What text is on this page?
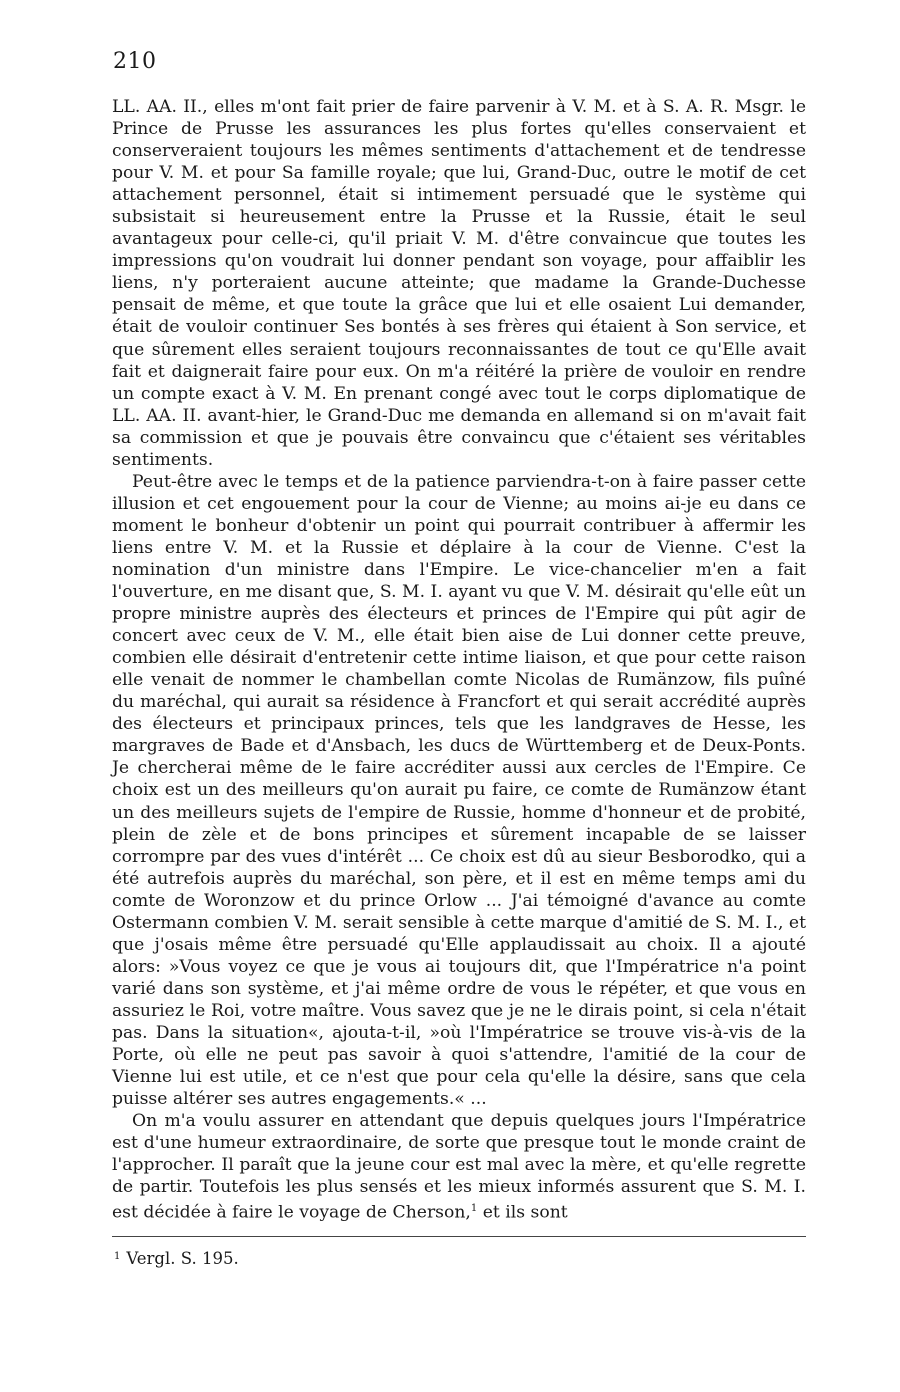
210

LL. AA. II., elles m'ont fait prier de faire parvenir à V. M. et à S. A. R. Msgr. le Prince de Prusse les assurances les plus fortes qu'elles conservaient et conserveraient toujours les mêmes sentiments d'attachement et de tendresse pour V. M. et pour Sa famille royale; que lui, Grand-Duc, outre le motif de cet attachement personnel, était si intimement persuadé que le système qui subsistait si heureusement entre la Prusse et la Russie, était le seul avantageux pour celle-ci, qu'il priait V. M. d'être convaincue que toutes les impressions qu'on voudrait lui donner pendant son voyage, pour affaiblir les liens, n'y porteraient aucune atteinte; que madame la Grande-Duchesse pensait de même, et que toute la grâce que lui et elle osaient Lui demander, était de vouloir continuer Ses bontés à ses frères qui étaient à Son service, et que sûrement elles seraient toujours reconnaissantes de tout ce qu'Elle avait fait et daignerait faire pour eux. On m'a réitéré la prière de vouloir en rendre un compte exact à V. M. En prenant congé avec tout le corps diplomatique de LL. AA. II. avant-hier, le Grand-Duc me demanda en allemand si on m'avait fait sa commission et que je pouvais être convaincu que c'étaient ses véritables sentiments.

Peut-être avec le temps et de la patience parviendra-t-on à faire passer cette illusion et cet engouement pour la cour de Vienne; au moins ai-je eu dans ce moment le bonheur d'obtenir un point qui pourrait contribuer à affermir les liens entre V. M. et la Russie et déplaire à la cour de Vienne. C'est la nomination d'un ministre dans l'Empire. Le vice-chancelier m'en a fait l'ouverture, en me disant que, S. M. I. ayant vu que V. M. désirait qu'elle eût un propre ministre auprès des électeurs et princes de l'Empire qui pût agir de concert avec ceux de V. M., elle était bien aise de Lui donner cette preuve, combien elle désirait d'entretenir cette intime liaison, et que pour cette raison elle venait de nommer le chambellan comte Nicolas de Rumänzow, fils puîné du maréchal, qui aurait sa résidence à Francfort et qui serait accrédité auprès des électeurs et principaux princes, tels que les landgraves de Hesse, les margraves de Bade et d'Ansbach, les ducs de Württemberg et de Deux-Ponts. Je chercherai même de le faire accréditer aussi aux cercles de l'Empire. Ce choix est un des meilleurs qu'on aurait pu faire, ce comte de Rumänzow étant un des meilleurs sujets de l'empire de Russie, homme d'honneur et de probité, plein de zèle et de bons principes et sûrement incapable de se laisser corrompre par des vues d'intérêt ... Ce choix est dû au sieur Besborodko, qui a été autrefois auprès du maréchal, son père, et il est en même temps ami du comte de Woronzow et du prince Orlow ... J'ai témoigné d'avance au comte Ostermann combien V. M. serait sensible à cette marque d'amitié de S. M. I., et que j'osais même être persuadé qu'Elle applaudissait au choix. Il a ajouté alors: »Vous voyez ce que je vous ai toujours dit, que l'Impératrice n'a point varié dans son système, et j'ai même ordre de vous le répéter, et que vous en assuriez le Roi, votre maître. Vous savez que je ne le dirais point, si cela n'était pas. Dans la situation«, ajouta-t-il, »où l'Impératrice se trouve vis-à-vis de la Porte, où elle ne peut pas savoir à quoi s'attendre, l'amitié de la cour de Vienne lui est utile, et ce n'est que pour cela qu'elle la désire, sans que cela puisse altérer ses autres engagements.« ...

On m'a voulu assurer en attendant que depuis quelques jours l'Impératrice est d'une humeur extraordinaire, de sorte que presque tout le monde craint de l'approcher. Il paraît que la jeune cour est mal avec la mère, et qu'elle regrette de partir. Toutefois les plus sensés et les mieux informés assurent que S. M. I. est décidée à faire le voyage de Cherson,$^1$ et ils sont

$^1$ Vergl. S. 195.
